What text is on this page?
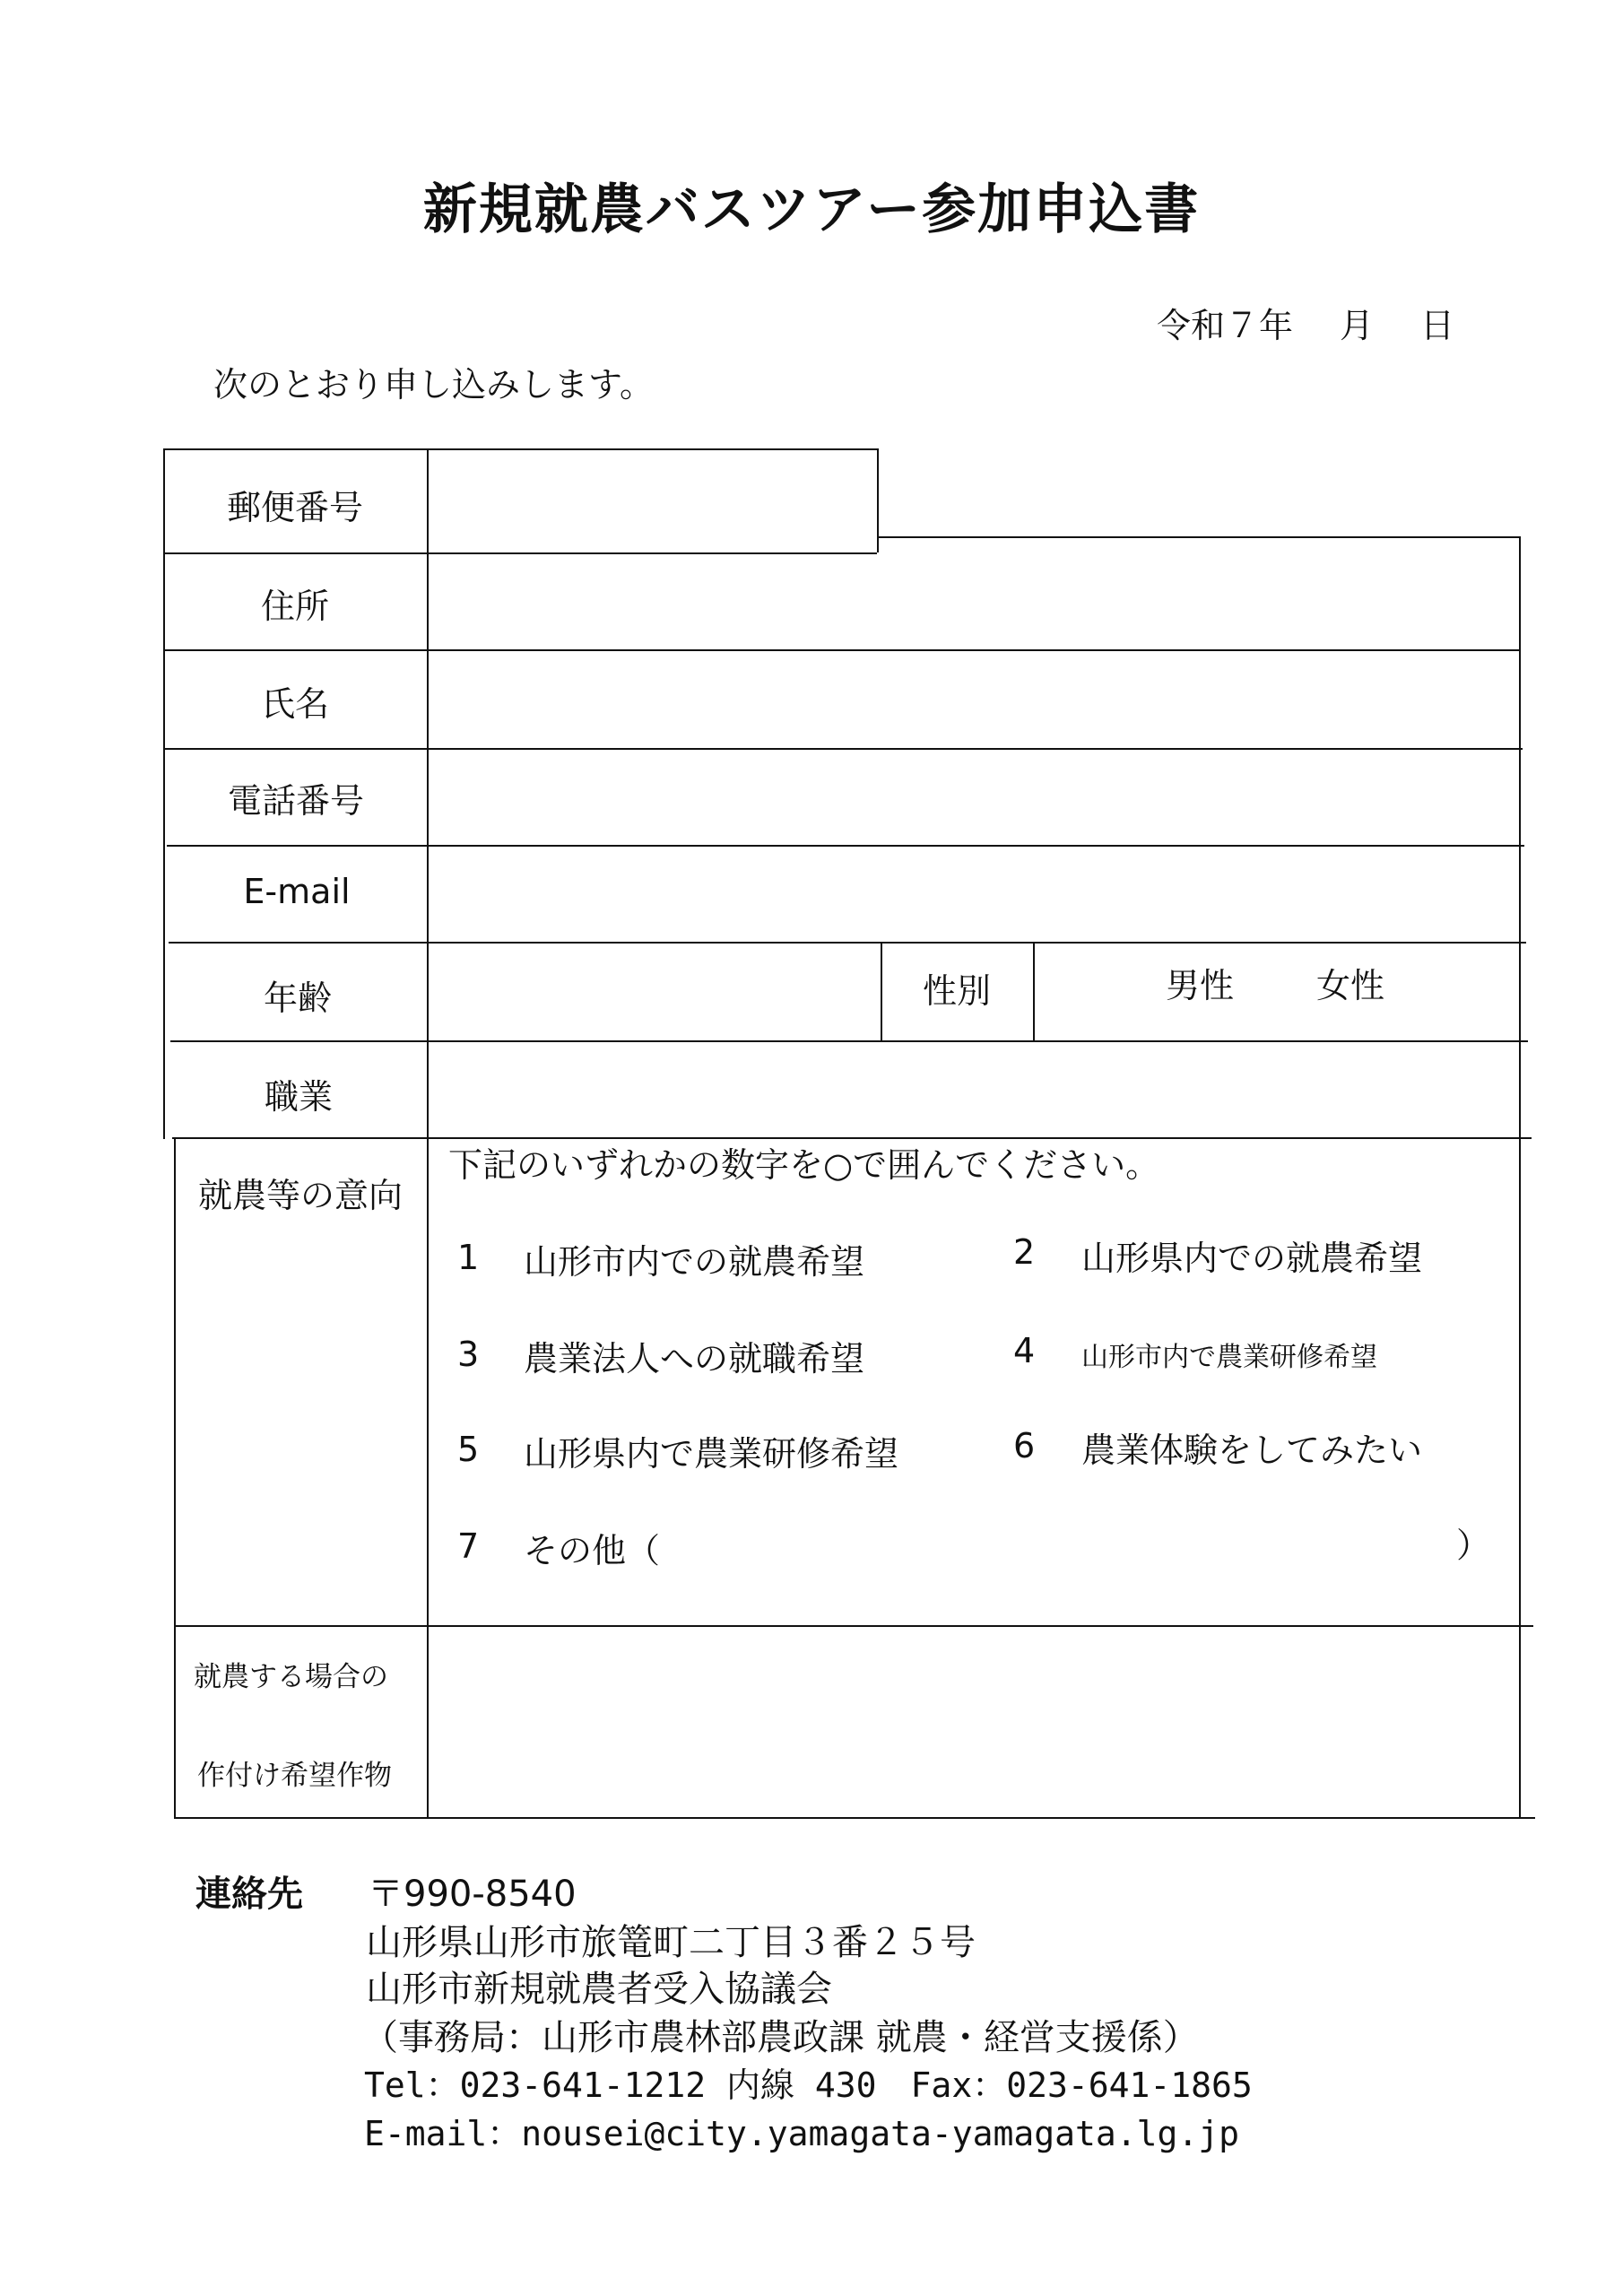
新規就農バスツアー参加申込書
令和７年 月 日
次のとおり申し込みします。
郵便番号
住所
氏名
電話番号
E-mail
年齢	性別	男性 女性
職業
就農等の意向
下記のいずれかの数字を○で囲んでください。
1 山形市内での就農希望	2 山形県内での就農希望
3 農業法人への就職希望	4 山形市内で農業研修希望
5 山形県内で農業研修希望	6 農業体験をしてみたい
7 その他（	）
就農する場合の
作付け希望作物
連絡先 〒990-8540
山形県山形市旅篭町二丁目３番２５号
山形市新規就農者受入協議会
（事務局：山形市農林部農政課 就農・経営支援係）
Tel：023-641-1212 内線 430　Fax：023-641-1865
E-mail：nousei@city.yamagata-yamagata.lg.jp
